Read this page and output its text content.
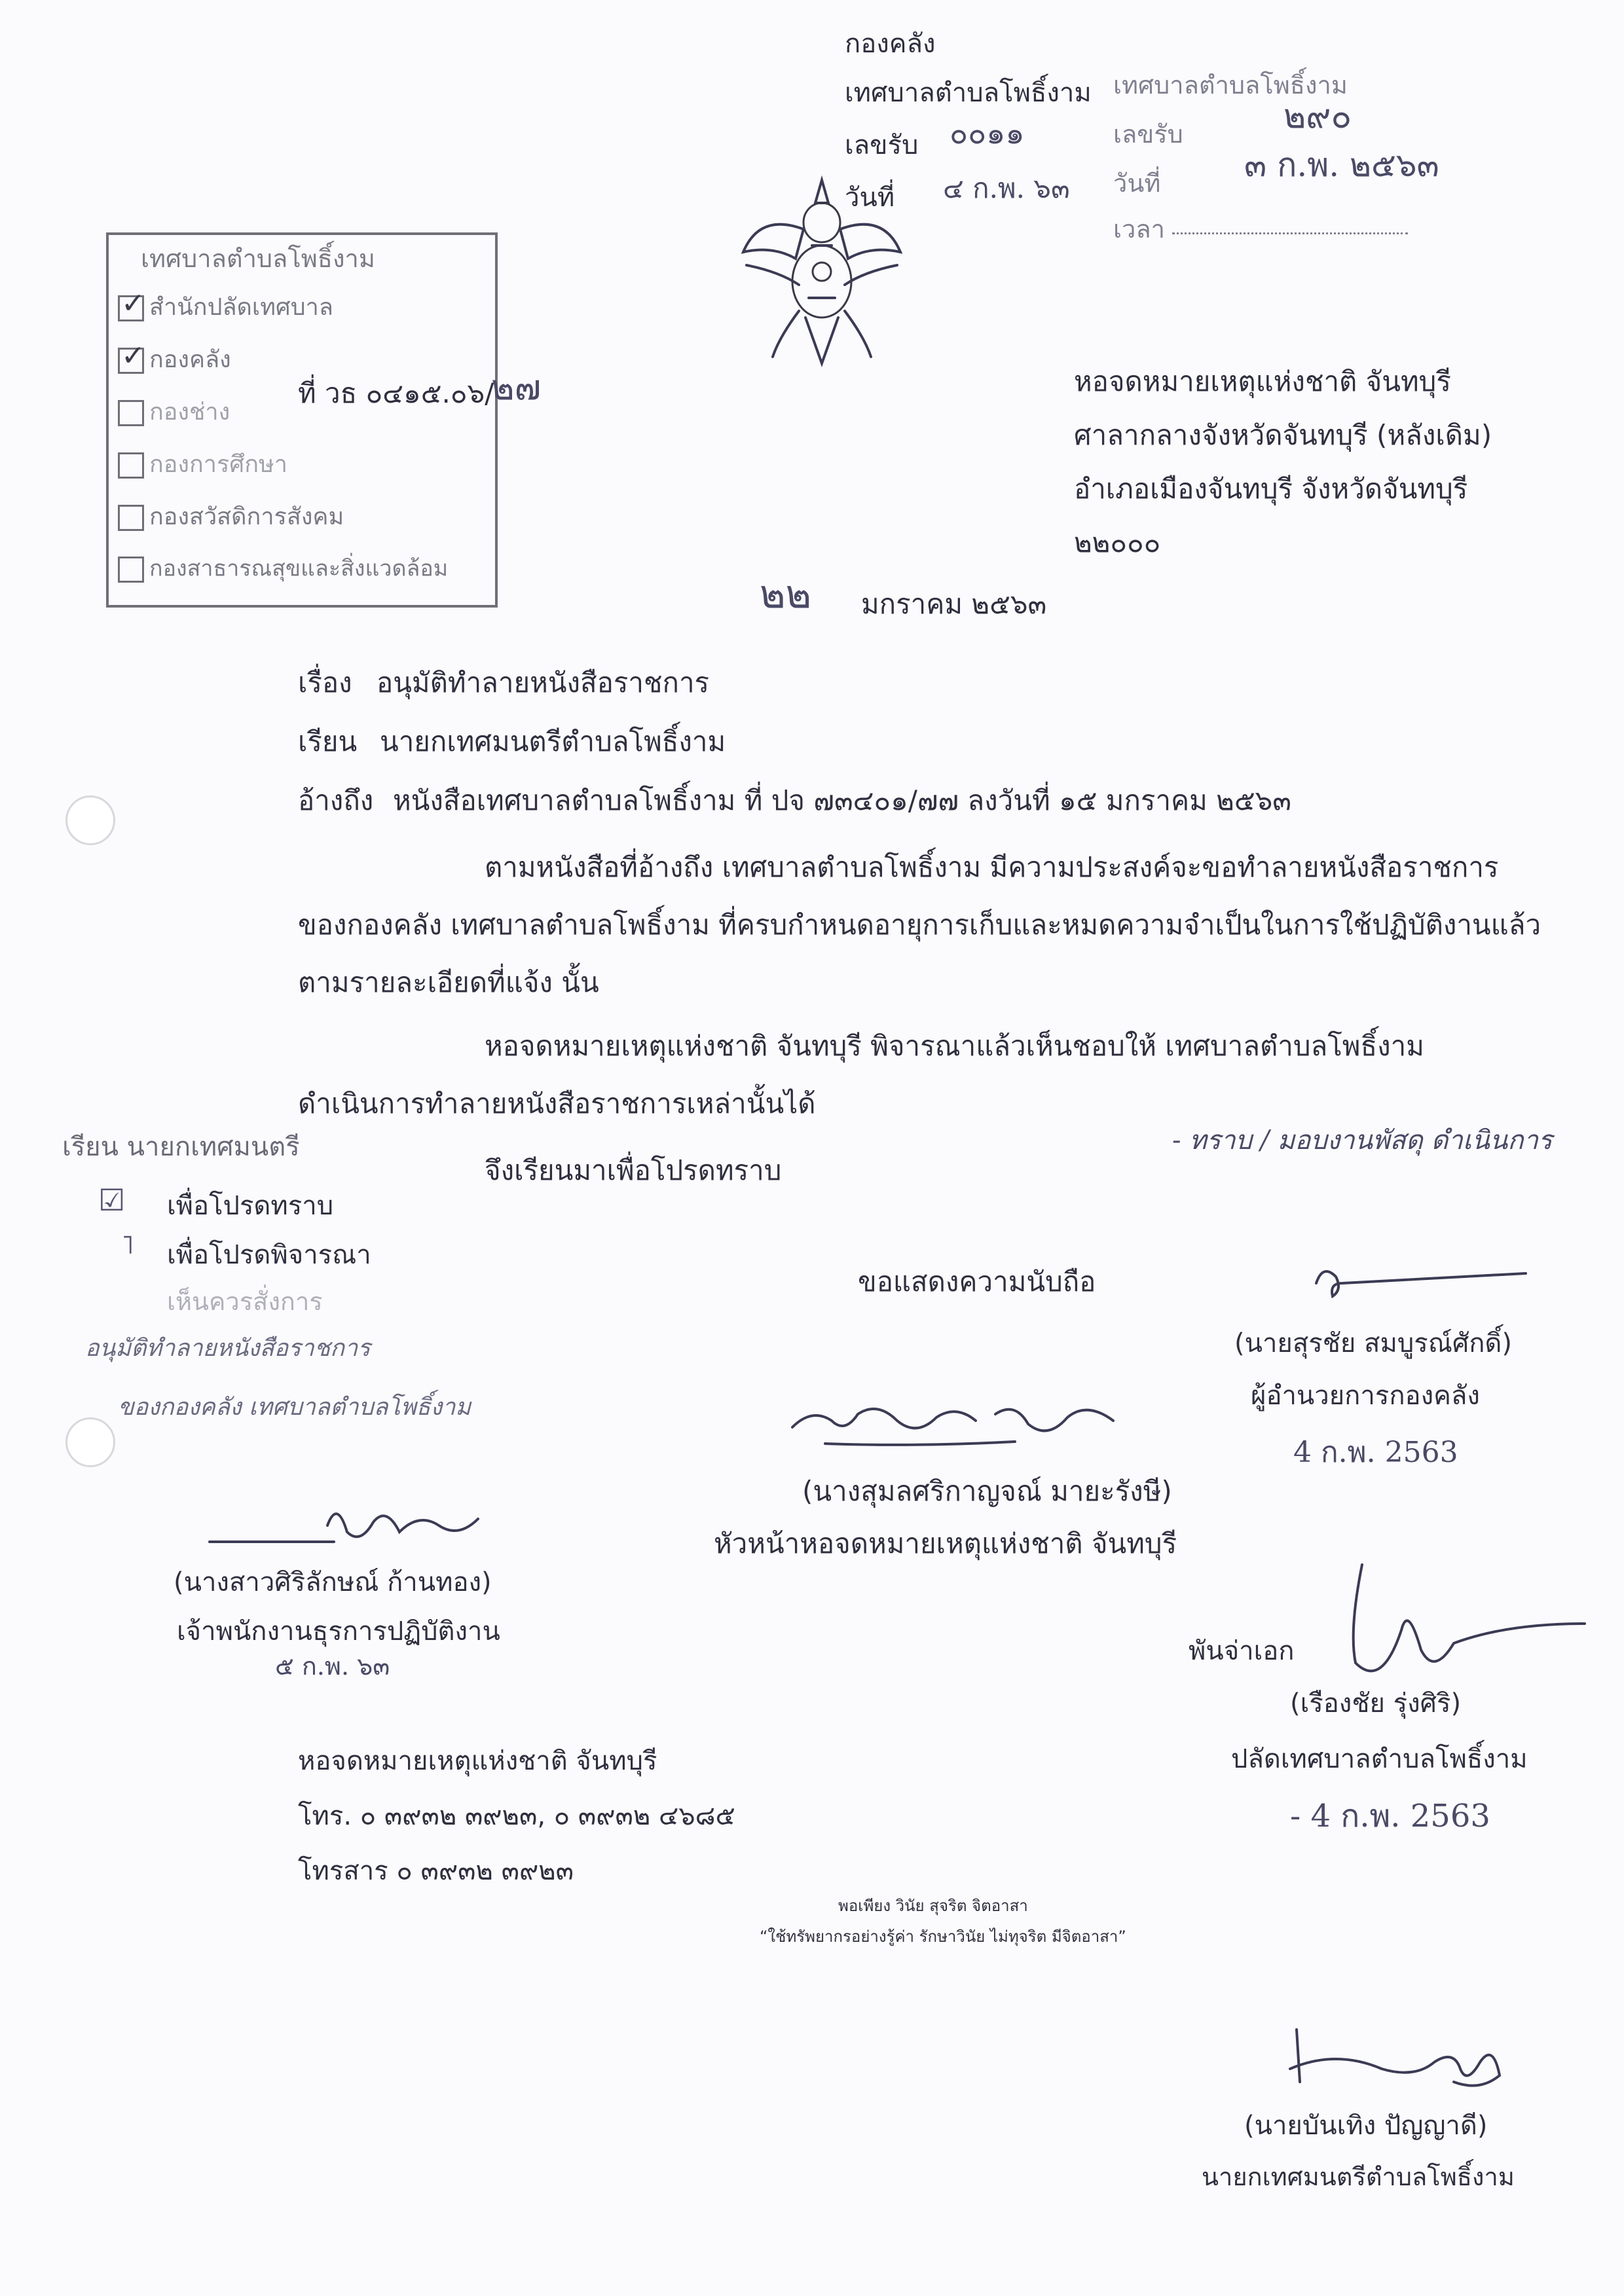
กองคลัง
เทศบาลตำบลโพธิ์งาม
เลขรับ ๐๐๑๑
วันที่ ๔ ก.พ. ๖๓
เทศบาลตำบลโพธิ์งาม
เลขรับ	๒๙๐
วันที่	๓ ก.พ. ๒๕๖๓
เวลา
เทศบาลตำบลโพธิ์งาม
✓สำนักปลัดเทศบาล
✓กองคลัง
กองช่าง
กองการศึกษา
กองสวัสดิการสังคม
กองสาธารณสุขและสิ่งแวดล้อม
ที่ วธ ๐๔๑๕.๐๖/
๒๗	หอจดหมายเหตุแห่งชาติ จันทบุรี
ศาลากลางจังหวัดจันทบุรี (หลังเดิม)
อำเภอเมืองจันทบุรี จังหวัดจันทบุรี
๒๒๐๐๐
๒๒ มกราคม ๒๕๖๓
เรื่อง อนุมัติทำลายหนังสือราชการ
เรียน นายกเทศมนตรีตำบลโพธิ์งาม
อ้างถึง หนังสือเทศบาลตำบลโพธิ์งาม ที่ ปจ ๗๓๔๐๑/๗๗ ลงวันที่ ๑๕ มกราคม ๒๕๖๓
ตามหนังสือที่อ้างถึง เทศบาลตำบลโพธิ์งาม มีความประสงค์จะขอทำลายหนังสือราชการ
ของกองคลัง เทศบาลตำบลโพธิ์งาม ที่ครบกำหนดอายุการเก็บและหมดความจำเป็นในการใช้ปฏิบัติงานแล้ว
ตามรายละเอียดที่แจ้ง นั้น
หอจดหมายเหตุแห่งชาติ จันทบุรี พิจารณาแล้วเห็นชอบให้ เทศบาลตำบลโพธิ์งาม
ดำเนินการทำลายหนังสือราชการเหล่านั้นได้
จึงเรียนมาเพื่อโปรดทราบ
ขอแสดงความนับถือ
(นางสุมลศริกาญจณ์ มายะรังษี)
หัวหน้าหอจดหมายเหตุแห่งชาติ จันทบุรี
หอจดหมายเหตุแห่งชาติ จันทบุรี
โทร. ๐ ๓๙๓๒ ๓๙๒๓, ๐ ๓๙๓๒ ๔๖๘๕
โทรสาร ๐ ๓๙๓๒ ๓๙๒๓
พอเพียง วินัย สุจริต จิตอาสา
“ใช้ทรัพยากรอย่างรู้ค่า รักษาวินัย ไม่ทุจริต มีจิตอาสา”
เรียน นายกเทศมนตรี
☑ เพื่อโปรดทราบ
˥ เพื่อโปรดพิจารณา
เห็นควรสั่งการ
อนุมัติทำลายหนังสือราชการ
ของกองคลัง เทศบาลตำบลโพธิ์งาม
(นางสาวศิริลักษณ์ ก้านทอง)
เจ้าพนักงานธุรการปฏิบัติงาน
๕ ก.พ. ๖๓
- ทราบ / มอบงานพัสดุ ดำเนินการ
(นายสุรชัย สมบูรณ์ศักดิ์)
ผู้อำนวยการกองคลัง
4 ก.พ. 2563
พันจ่าเอก
(เรืองชัย รุ่งศิริ)
ปลัดเทศบาลตำบลโพธิ์งาม
- 4 ก.พ. 2563
(นายบันเทิง ปัญญาดี)
นายกเทศมนตรีตำบลโพธิ์งาม
